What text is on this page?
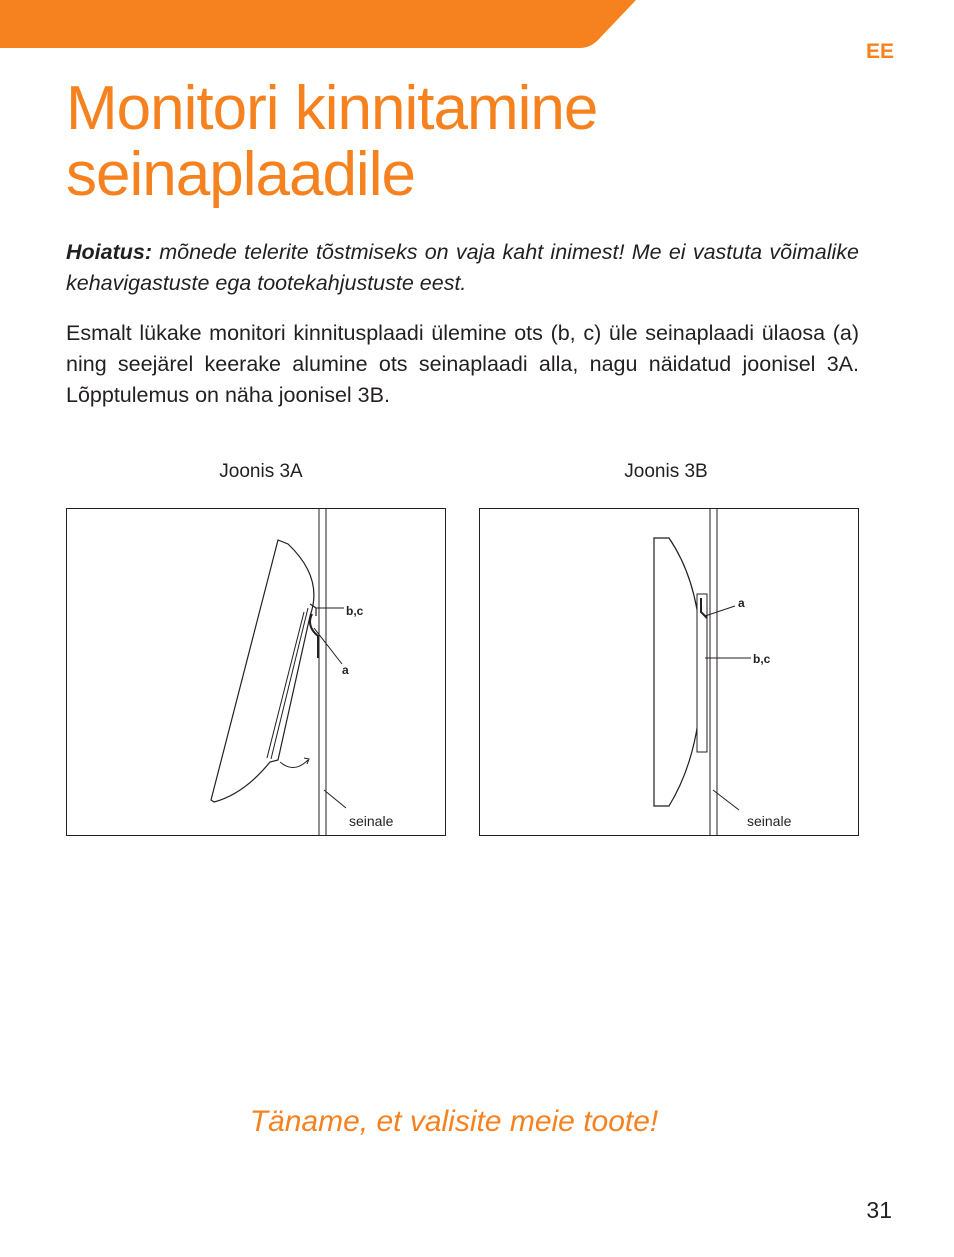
EE
Monitori kinnitamine
seinaplaadile

Hoiatus: mõnede telerite tõstmiseks on vaja kaht inimest! Me ei vastuta võimalike kehavigastuste ega tootekahjustuste eest.

Esmalt lükake monitori kinnitusplaadi ülemine ots (b, c) üle seinaplaadi ülaosa (a) ning seejärel keerake alumine ots seinaplaadi alla, nagu näidatud joonisel 3A. Lõpptulemus on näha joonisel 3B.

Joonis 3A	Joonis 3B
b,c
a
seinale
a
b,c
seinale

Täname, et valisite meie toote!

31
